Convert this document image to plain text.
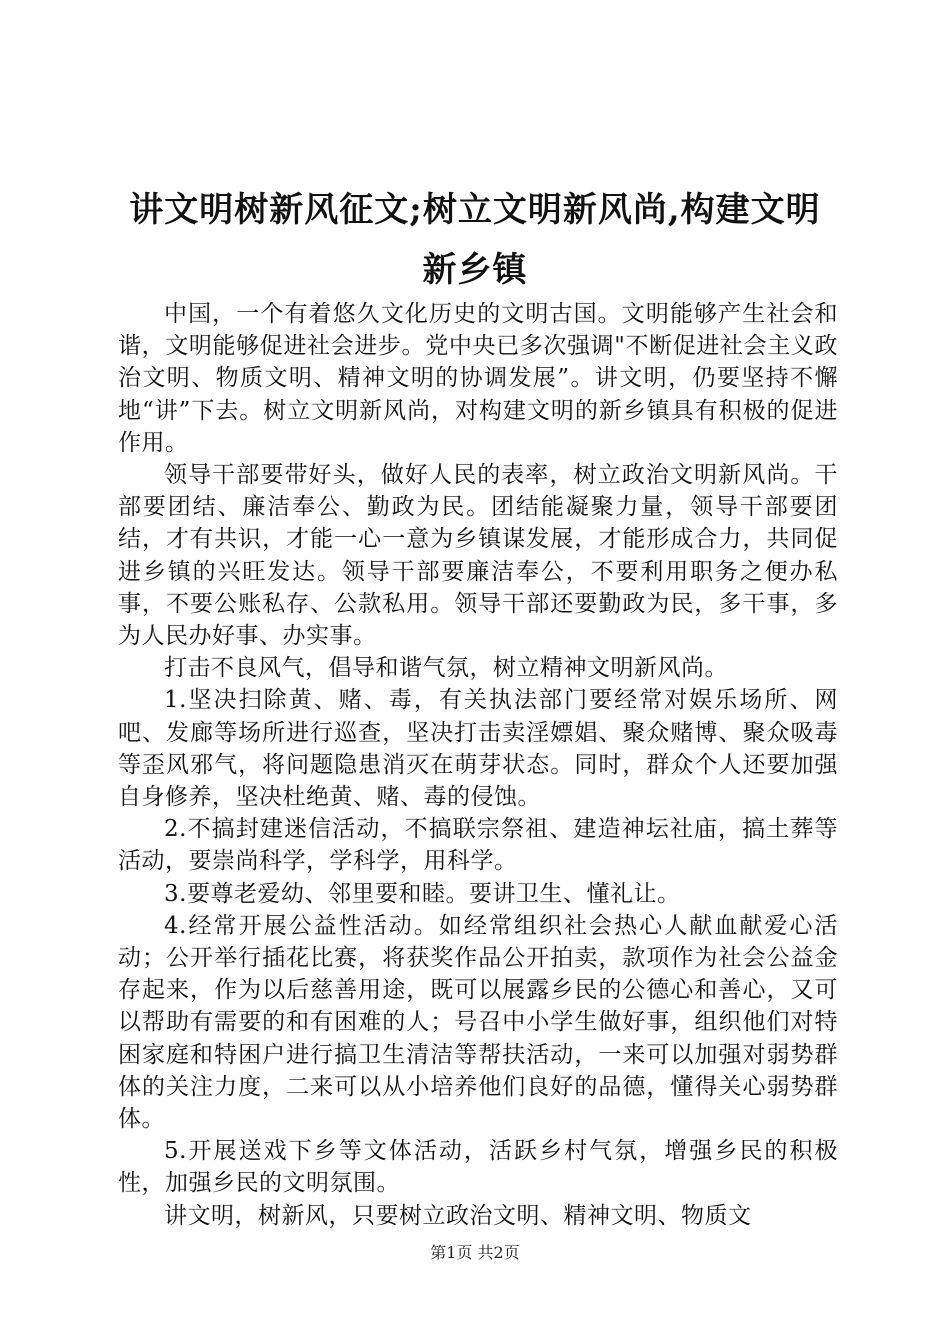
讲文明树新风征文;树立文明新风尚,构建文明新乡镇

中国，一个有着悠久文化历史的文明古国。文明能够产生社会和谐，文明能够促进社会进步。党中央已多次强调"不断促进社会主义政治文明、物质文明、精神文明的协调发展”。讲文明，仍要坚持不懈地“讲”下去。树立文明新风尚，对构建文明的新乡镇具有积极的促进作用。

领导干部要带好头，做好人民的表率，树立政治文明新风尚。干部要团结、廉洁奉公、勤政为民。团结能凝聚力量，领导干部要团结，才有共识，才能一心一意为乡镇谋发展，才能形成合力，共同促进乡镇的兴旺发达。领导干部要廉洁奉公，不要利用职务之便办私事，不要公账私存、公款私用。领导干部还要勤政为民，多干事，多为人民办好事、办实事。

打击不良风气，倡导和谐气氛，树立精神文明新风尚。

1.坚决扫除黄、赌、毒，有关执法部门要经常对娱乐场所、网吧、发廊等场所进行巡查，坚决打击卖淫嫖娼、聚众赌博、聚众吸毒等歪风邪气，将问题隐患消灭在萌芽状态。同时，群众个人还要加强自身修养，坚决杜绝黄、赌、毒的侵蚀。

2.不搞封建迷信活动，不搞联宗祭祖、建造神坛社庙，搞土葬等活动，要崇尚科学，学科学，用科学。

3.要尊老爱幼、邻里要和睦。要讲卫生、懂礼让。

4.经常开展公益性活动。如经常组织社会热心人献血献爱心活动；公开举行插花比赛，将获奖作品公开拍卖，款项作为社会公益金存起来，作为以后慈善用途，既可以展露乡民的公德心和善心，又可以帮助有需要的和有困难的人；号召中小学生做好事，组织他们对特困家庭和特困户进行搞卫生清洁等帮扶活动，一来可以加强对弱势群体的关注力度，二来可以从小培养他们良好的品德，懂得关心弱势群体。

5.开展送戏下乡等文体活动，活跃乡村气氛，增强乡民的积极性，加强乡民的文明氛围。

讲文明，树新风，只要树立政治文明、精神文明、物质文

第1页 共2页
